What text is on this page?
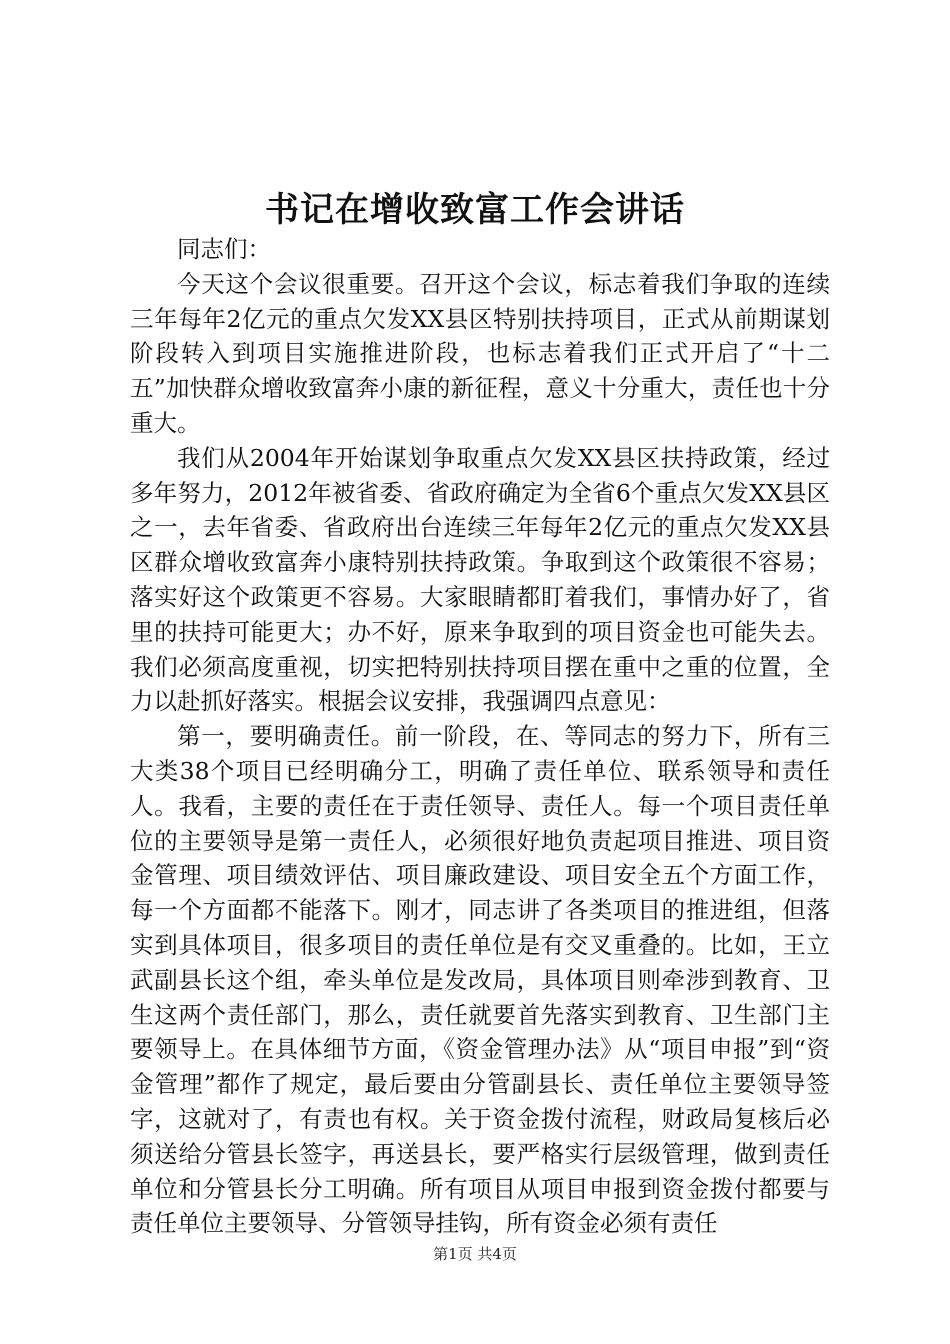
书记在增收致富工作会讲话

同志们：

今天这个会议很重要。召开这个会议，标志着我们争取的连续三年每年2亿元的重点欠发XX县区特别扶持项目，正式从前期谋划阶段转入到项目实施推进阶段，也标志着我们正式开启了“十二五”加快群众增收致富奔小康的新征程，意义十分重大，责任也十分重大。

我们从2004年开始谋划争取重点欠发XX县区扶持政策，经过多年努力，2012年被省委、省政府确定为全省6个重点欠发XX县区之一，去年省委、省政府出台连续三年每年2亿元的重点欠发XX县区群众增收致富奔小康特别扶持政策。争取到这个政策很不容易；落实好这个政策更不容易。大家眼睛都盯着我们，事情办好了，省里的扶持可能更大；办不好，原来争取到的项目资金也可能失去。我们必须高度重视，切实把特别扶持项目摆在重中之重的位置，全力以赴抓好落实。根据会议安排，我强调四点意见：

第一，要明确责任。前一阶段，在、等同志的努力下，所有三大类38个项目已经明确分工，明确了责任单位、联系领导和责任人。我看，主要的责任在于责任领导、责任人。每一个项目责任单位的主要领导是第一责任人，必须很好地负责起项目推进、项目资金管理、项目绩效评估、项目廉政建设、项目安全五个方面工作，每一个方面都不能落下。刚才，同志讲了各类项目的推进组，但落实到具体项目，很多项目的责任单位是有交叉重叠的。比如，王立武副县长这个组，牵头单位是发改局，具体项目则牵涉到教育、卫生这两个责任部门，那么，责任就要首先落实到教育、卫生部门主要领导上。在具体细节方面，《资金管理办法》从“项目申报”到“资金管理”都作了规定，最后要由分管副县长、责任单位主要领导签字，这就对了，有责也有权。关于资金拨付流程，财政局复核后必须送给分管县长签字，再送县长，要严格实行层级管理，做到责任单位和分管县长分工明确。所有项目从项目申报到资金拨付都要与责任单位主要领导、分管领导挂钩，所有资金必须有责任

第1页 共4页
